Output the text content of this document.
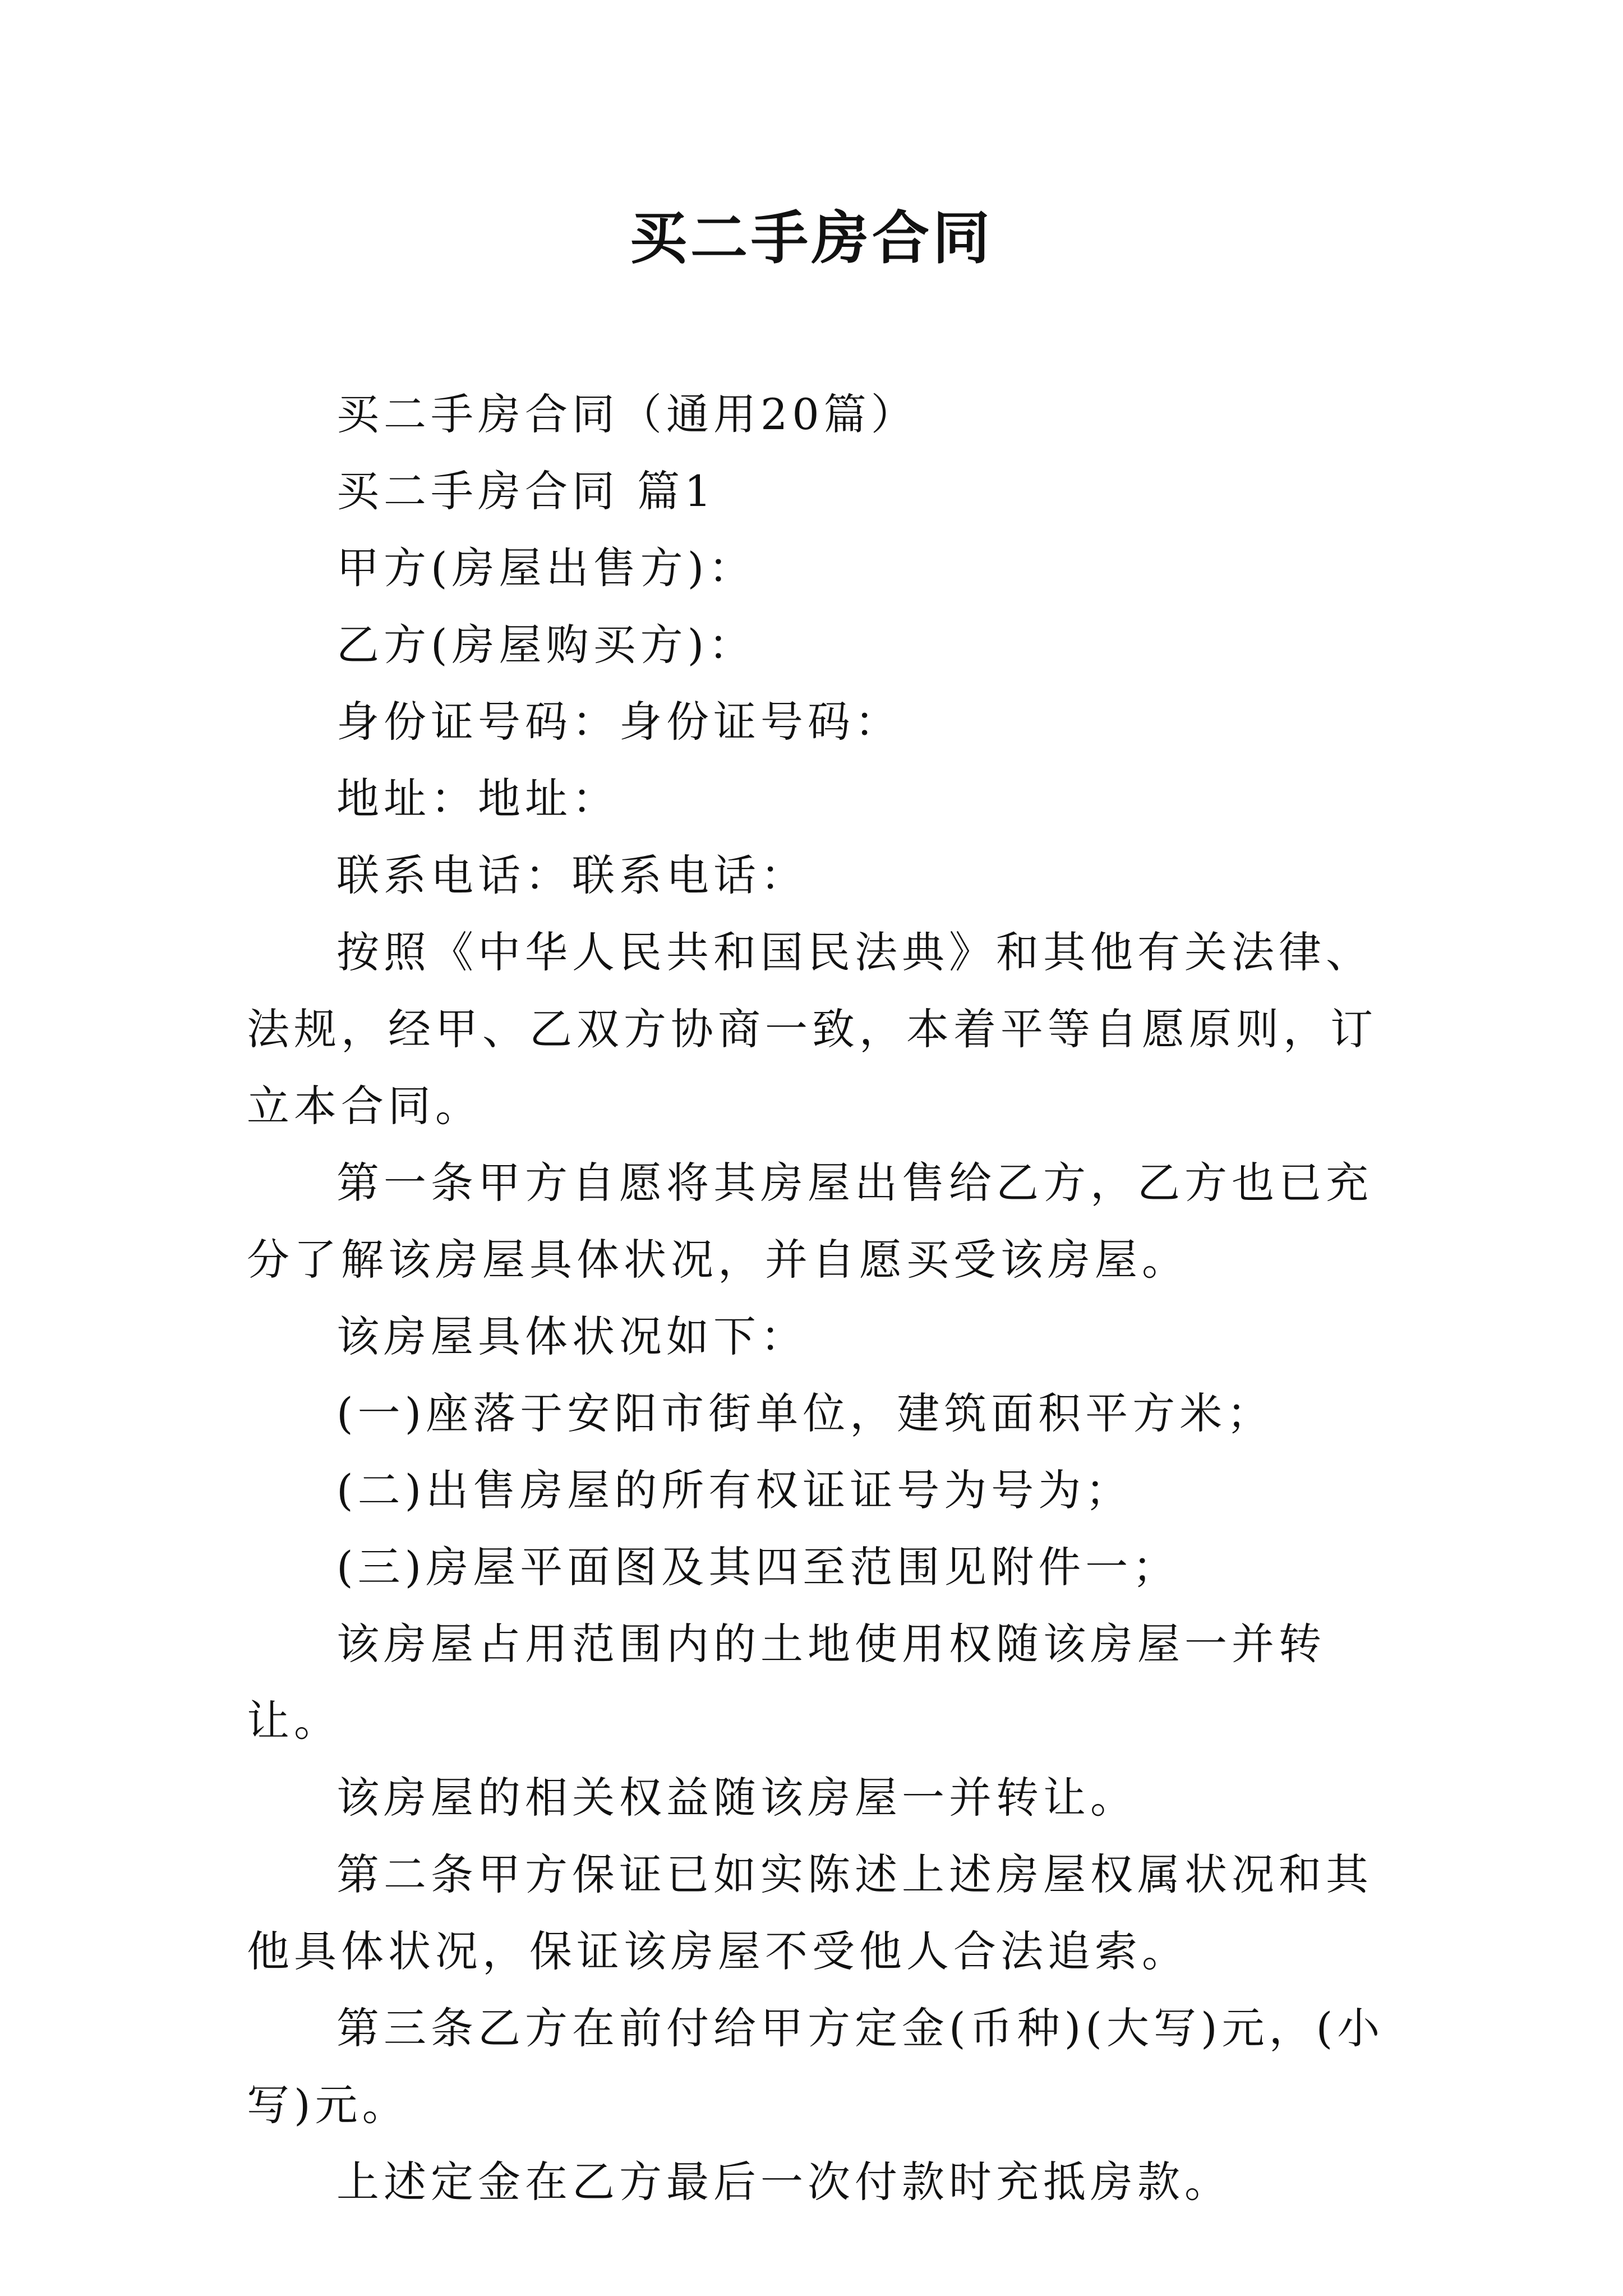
买二手房合同

买二手房合同（通用20篇）

买二手房合同 篇1

甲方(房屋出售方)：

乙方(房屋购买方)：

身份证号码：身份证号码：

地址：地址：

联系电话：联系电话：

按照《中华人民共和国民法典》和其他有关法律、法规，经甲、乙双方协商一致，本着平等自愿原则，订立本合同。

第一条甲方自愿将其房屋出售给乙方，乙方也已充分了解该房屋具体状况，并自愿买受该房屋。

该房屋具体状况如下：

(一)座落于安阳市街单位，建筑面积平方米；

(二)出售房屋的所有权证证号为号为；

(三)房屋平面图及其四至范围见附件一；

该房屋占用范围内的土地使用权随该房屋一并转让。

该房屋的相关权益随该房屋一并转让。

第二条甲方保证已如实陈述上述房屋权属状况和其他具体状况，保证该房屋不受他人合法追索。

第三条乙方在前付给甲方定金(币种)(大写)元，(小写)元。

上述定金在乙方最后一次付款时充抵房款。
